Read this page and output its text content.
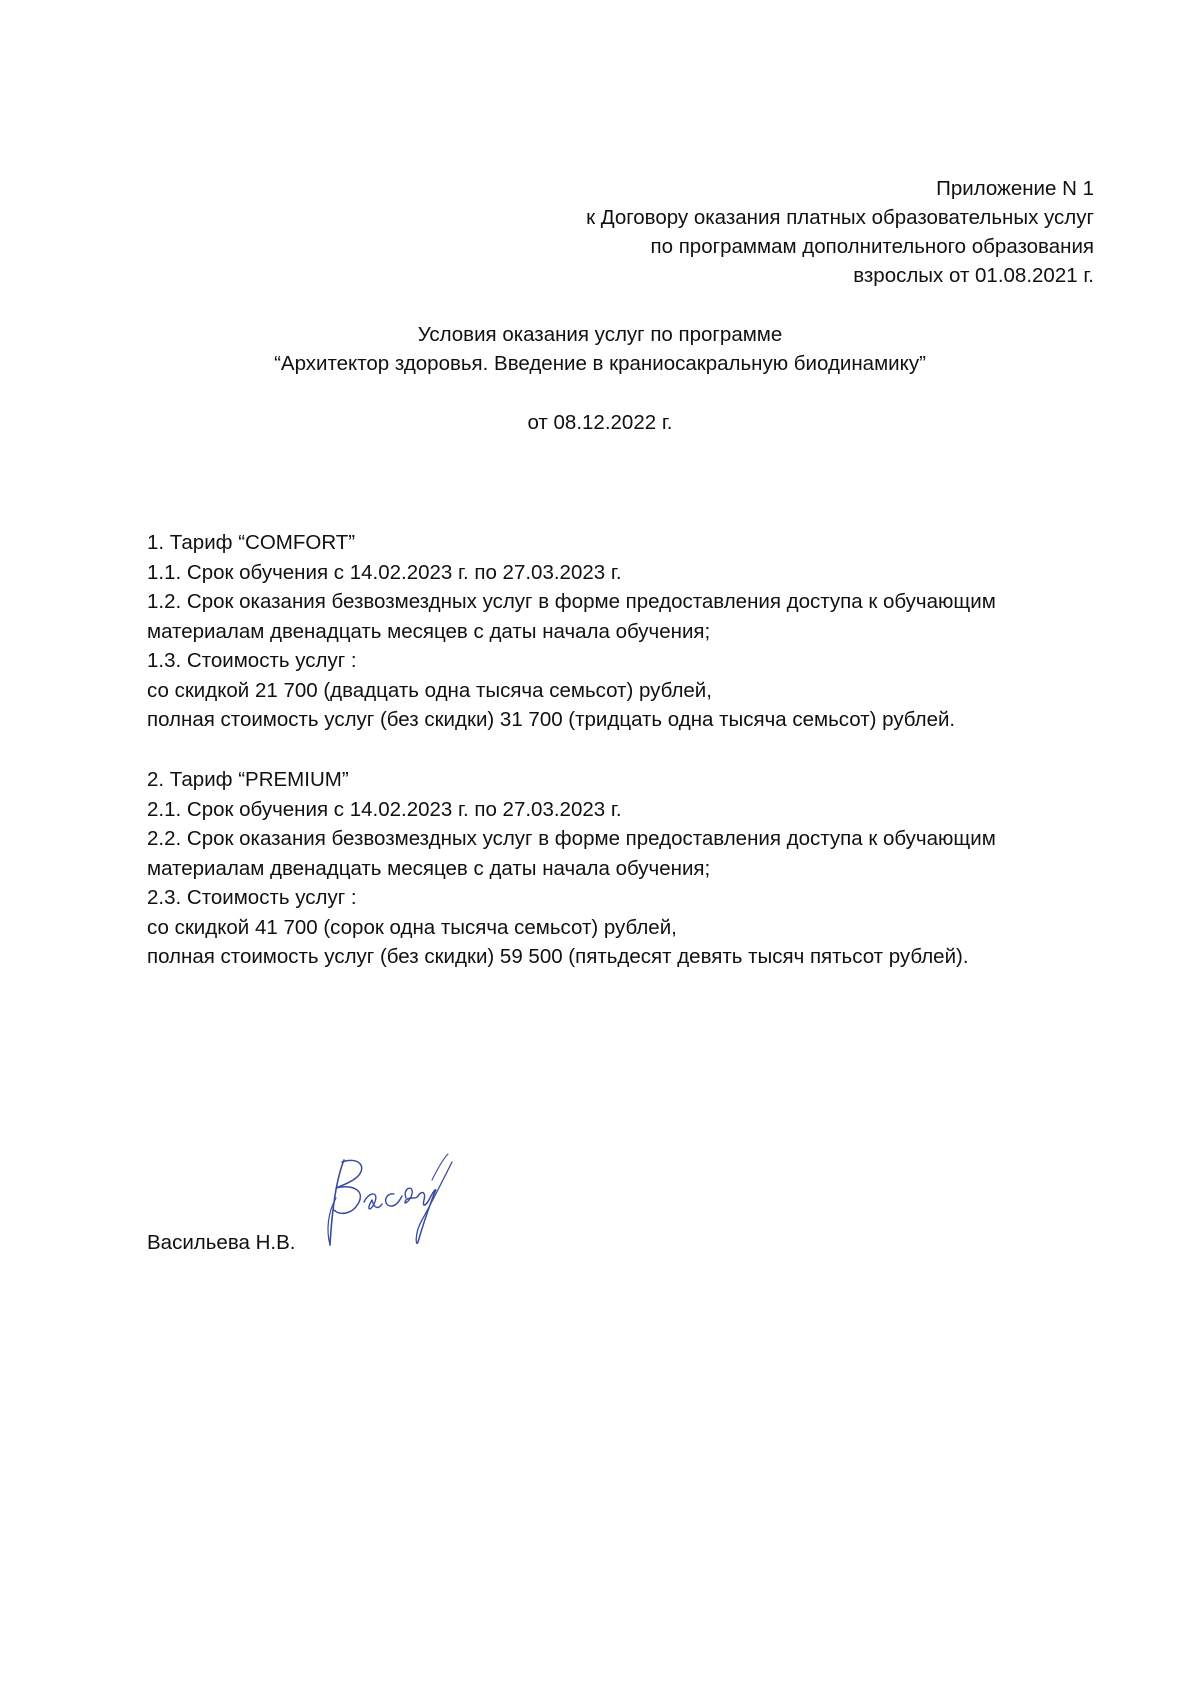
Приложение N 1
к Договору оказания платных образовательных услуг
по программам дополнительного образования
взрослых от 01.08.2021 г.
Условия оказания услуг по программе
“Архитектор здоровья. Введение в краниосакральную биодинамику”
от 08.12.2022 г.
1. Тариф “COMFORT”
1.1. Срок обучения с 14.02.2023 г. по 27.03.2023 г.
1.2. Срок оказания безвозмездных услуг в форме предоставления доступа к обучающим
материалам двенадцать месяцев с даты начала обучения;
1.3. Стоимость услуг :
со скидкой 21 700 (двадцать одна тысяча семьсот) рублей,
полная стоимость услуг (без скидки) 31 700 (тридцать одна тысяча семьсот) рублей.
2. Тариф “PREMIUM”
2.1. Срок обучения с 14.02.2023 г. по 27.03.2023 г.
2.2. Срок оказания безвозмездных услуг в форме предоставления доступа к обучающим
материалам двенадцать месяцев с даты начала обучения;
2.3. Стоимость услуг :
со скидкой 41 700 (сорок одна тысяча семьсот) рублей,
полная стоимость услуг (без скидки) 59 500 (пятьдесят девять тысяч пятьсот рублей).
Васильева Н.В.
